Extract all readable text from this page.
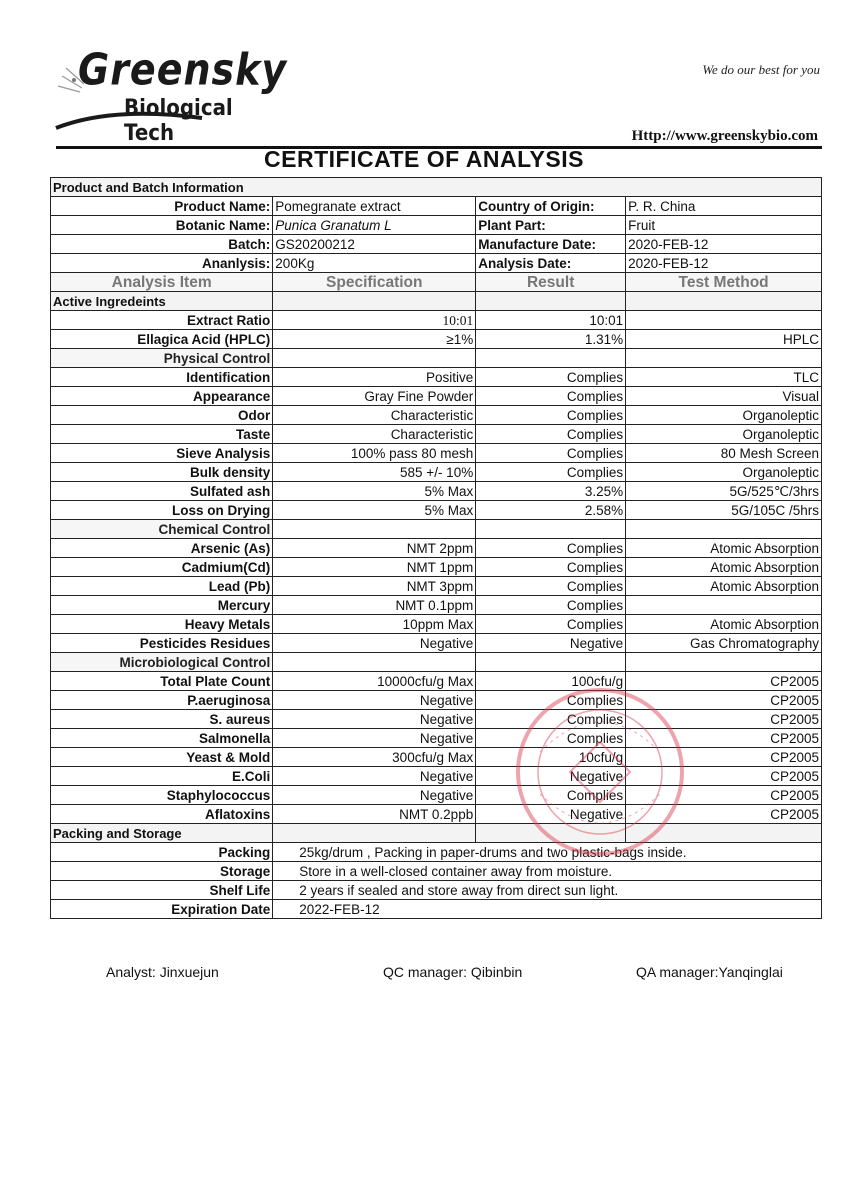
Greensky
Biological Tech
We do our best for you
Http://www.greenskybio.com
CERTIFICATE OF ANALYSIS
Product and Batch Information			
Product Name:	Pomegranate extract	Country of Origin:	P. R. China
Botanic Name:	Punica Granatum L	Plant Part:	Fruit
Batch:	GS20200212	Manufacture Date:	2020-FEB-12
Ananlysis:	200Kg	Analysis Date:	2020-FEB-12
Analysis Item	Specification	Result	Test Method
Active Ingredeints			
Extract Ratio	10:01	10:01	
Ellagica Acid (HPLC)	≥1%	1.31%	HPLC
Physical Control			
Identification	Positive	Complies	TLC
Appearance	Gray Fine Powder	Complies	Visual
Odor	Characteristic	Complies	Organoleptic
Taste	Characteristic	Complies	Organoleptic
Sieve Analysis	100% pass 80 mesh	Complies	80 Mesh Screen
Bulk density	585 +/- 10%	Complies	Organoleptic
Sulfated ash	5% Max	3.25%	5G/525℃/3hrs
Loss on Drying	5% Max	2.58%	5G/105C /5hrs
Chemical Control			
Arsenic (As)	NMT 2ppm	Complies	Atomic Absorption
Cadmium(Cd)	NMT 1ppm	Complies	Atomic Absorption
Lead (Pb)	NMT 3ppm	Complies	Atomic Absorption
Mercury	NMT 0.1ppm	Complies	
Heavy Metals	10ppm Max	Complies	Atomic Absorption
Pesticides Residues	Negative	Negative	Gas Chromatography
Microbiological Control			
Total Plate Count	10000cfu/g Max	100cfu/g	CP2005
P.aeruginosa	Negative	Complies	CP2005
S. aureus	Negative	Complies	CP2005
Salmonella	Negative	Complies	CP2005
Yeast & Mold	300cfu/g Max	10cfu/g	CP2005
E.Coli	Negative	Negative	CP2005
Staphylococcus	Negative	Complies	CP2005
Aflatoxins	NMT 0.2ppb	Negative	CP2005
Packing and Storage			
Packing	25kg/drum , Packing in paper-drums and two plastic-bags inside.		
Storage	Store in a well-closed container away from moisture.		
Shelf Life	2 years if sealed and store away from direct sun light.		
Expiration Date	2022-FEB-12		
Analyst: Jinxuejun	QC manager: Qibinbin	QA manager:Yanqinglai
